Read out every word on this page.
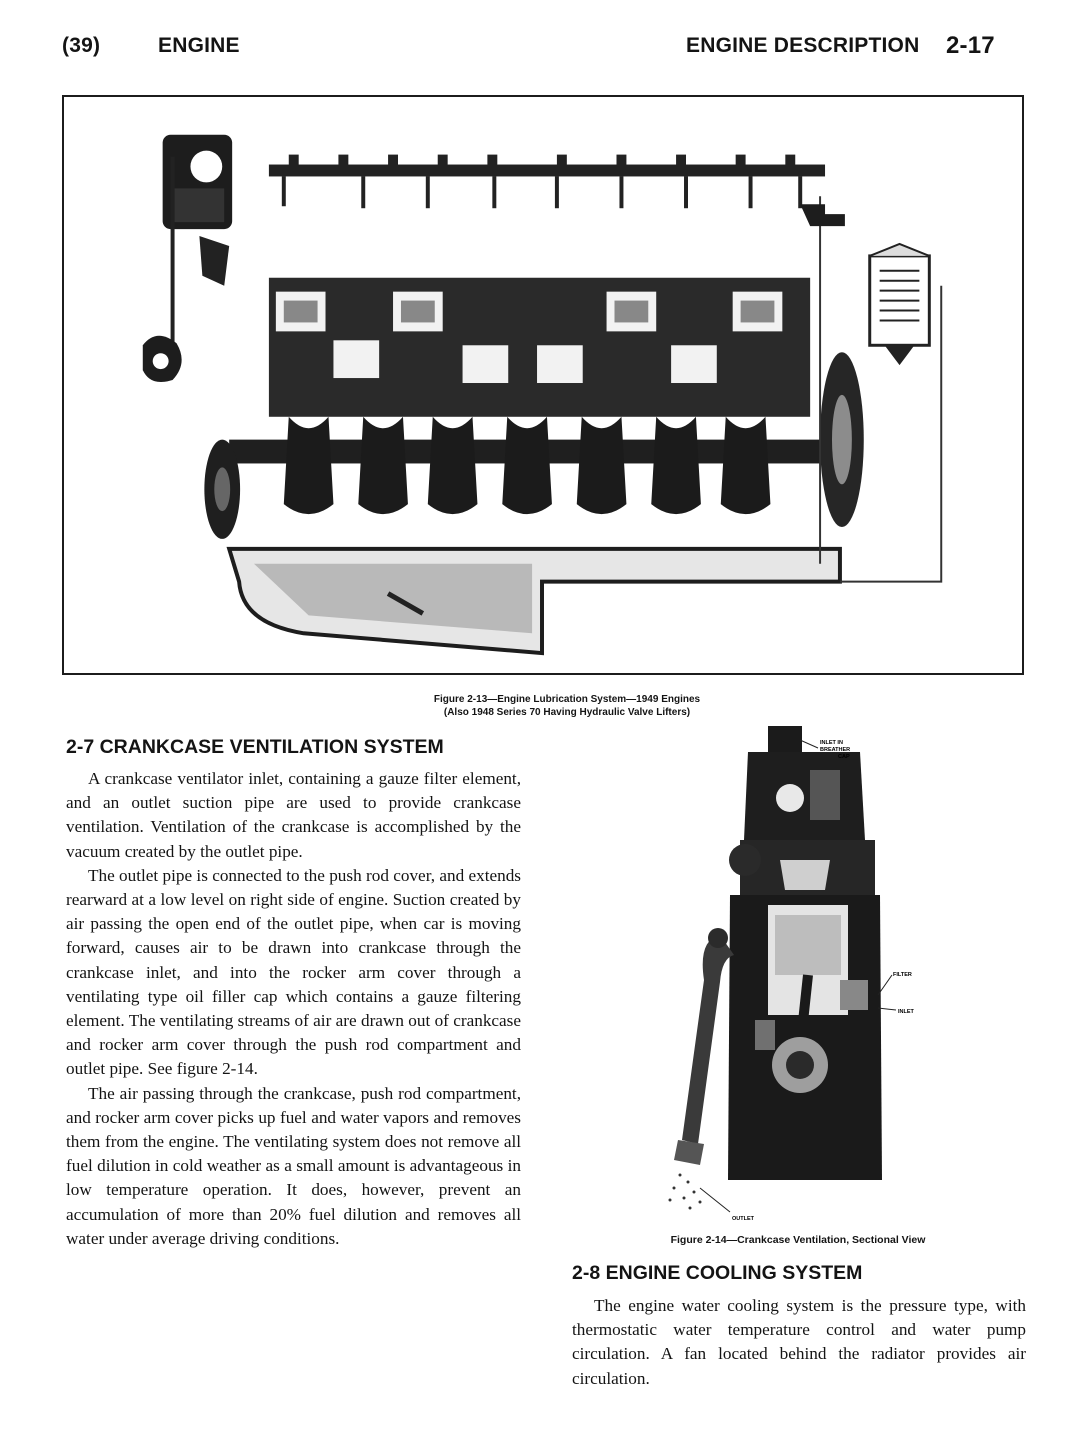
(39)	ENGINE	ENGINE DESCRIPTION 2-17
Figure 2-13—Engine Lubrication System—1949 Engines
(Also 1948 Series 70 Having Hydraulic Valve Lifters)
2-7 CRANKCASE VENTILATION SYSTEM

A crankcase ventilator inlet, containing a gauze filter element, and an outlet suction pipe are used to provide crankcase ventilation. Ventilation of the crankcase is accomplished by the vacuum created by the outlet pipe.

The outlet pipe is connected to the push rod cover, and extends rearward at a low level on right side of engine. Suction created by air passing the open end of the outlet pipe, when car is moving forward, causes air to be drawn into crankcase through the crankcase inlet, and into the rocker arm cover through a ventilating type oil filler cap which contains a gauze filtering element. The ventilating streams of air are drawn out of crankcase and rocker arm cover through the push rod compartment and outlet pipe. See figure 2-14.

The air passing through the crankcase, push rod compartment, and rocker arm cover picks up fuel and water vapors and removes them from the engine. The ventilating system does not remove all fuel dilution in cold weather as a small amount is advantageous in low temperature operation. It does, however, prevent an accumulation of more than 20% fuel dilution and removes all water under average driving conditions.

INLET IN
BREATHER
CAP
FILTER
INLET
OUTLET
Figure 2-14—Crankcase Ventilation, Sectional View
2-8 ENGINE COOLING SYSTEM

The engine water cooling system is the pressure type, with thermostatic water temperature control and water pump circulation. A fan located behind the radiator provides air circulation.
